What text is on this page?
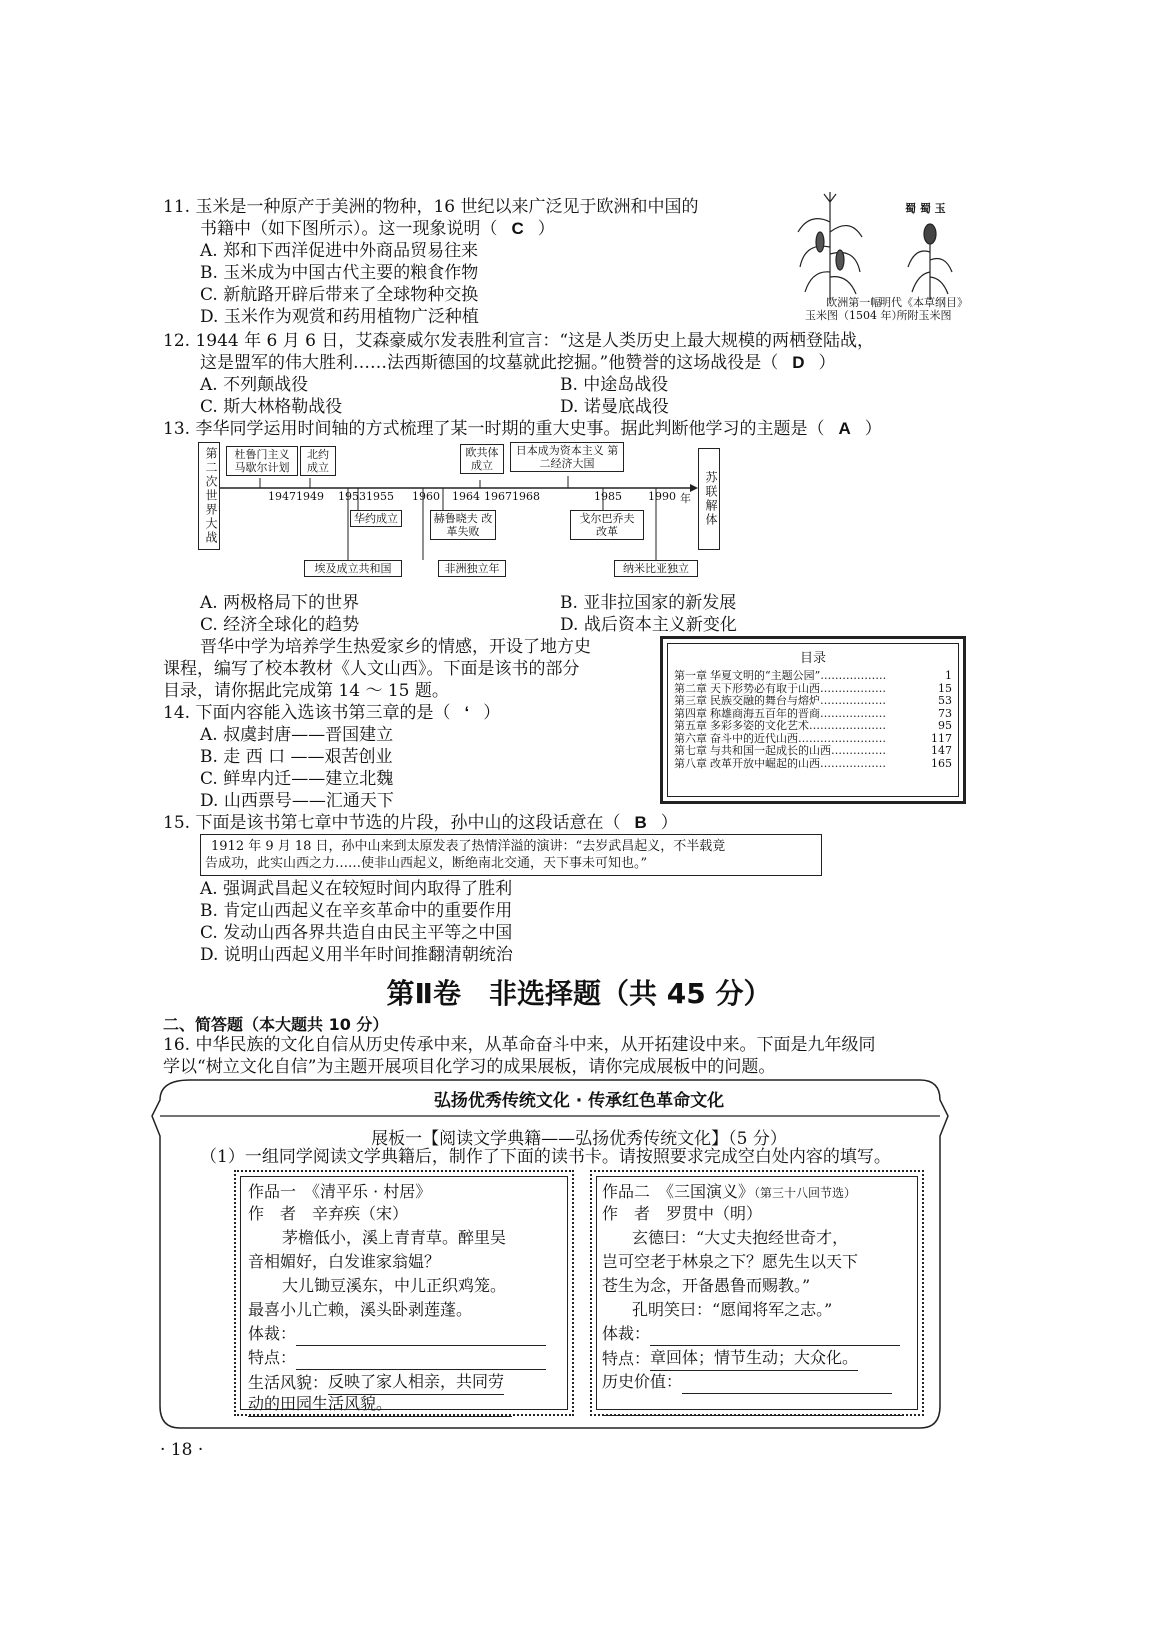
11. 玉米是一种原产于美洲的物种，16 世纪以来广泛见于欧洲和中国的
书籍中（如下图所示）。这一现象说明（ C ）
A. 郑和下西洋促进中外商品贸易往来
B. 玉米成为中国古代主要的粮食作物
C. 新航路开辟后带来了全球物种交换
D. 玉米作为观赏和药用植物广泛种植
蜀 蜀 玉
欧洲第一幅
玉米图（1504 年）
明代《本草纲目》
所附玉米图
12. 1944 年 6 月 6 日，艾森豪威尔发表胜利宣言：“这是人类历史上最大规模的两栖登陆战，
这是盟军的伟大胜利……法西斯德国的坟墓就此挖掘。”他赞誉的这场战役是（ D ）
A. 不列颠战役	B. 中途岛战役
C. 斯大林格勒战役	D. 诺曼底战役
13. 李华同学运用时间轴的方式梳理了某一时期的重大史事。据此判断他学习的主题是（ A ）
第二次世界大战	苏联解体
1947 1949 1953 1955 1960 1964 1967 1968	1985 1990 年
杜鲁门主义 马歇尔计划
北约 成立
欧共体 成立
日本成为资本主义 第二经济大国
华约成立	赫鲁晓夫 改革失败
戈尔巴乔夫 改革
埃及成立共和国	非洲独立年	纳米比亚独立
A. 两极格局下的世界	B. 亚非拉国家的新发展
C. 经济全球化的趋势	D. 战后资本主义新变化
晋华中学为培养学生热爱家乡的情感，开设了地方史
课程，编写了校本教材《人文山西》。下面是该书的部分
目录，请你据此完成第 14 ～ 15 题。
目录
第一章 华夏文明的“主题公园”………………	1
第二章 天下形势必有取于山西………………	15
第三章 民族交融的舞台与熔炉………………	53
第四章 称雄商海五百年的晋商………………	73
第五章 多彩多姿的文化艺术…………………	95
第六章 奋斗中的近代山西……………………	117
第七章 与共和国一起成长的山西……………	147
第八章 改革开放中崛起的山西………………	165
14. 下面内容能入选该书第三章的是（ ‘ ）
A. 叔虞封唐——晋国建立
B. 走 西 口 ——艰苦创业
C. 鲜卑内迁——建立北魏
D. 山西票号——汇通天下
15. 下面是该书第七章中节选的片段，孙中山的这段话意在（ B ）
1912 年 9 月 18 日，孙中山来到太原发表了热情洋溢的演讲：“去岁武昌起义，不半载竟
告成功，此实山西之力……使非山西起义，断绝南北交通，天下事未可知也。”
A. 强调武昌起义在较短时间内取得了胜利
B. 肯定山西起义在辛亥革命中的重要作用
C. 发动山西各界共造自由民主平等之中国
D. 说明山西起义用半年时间推翻清朝统治
第Ⅱ卷　非选择题（共 45 分）
二、简答题（本大题共 10 分）
16. 中华民族的文化自信从历史传承中来，从革命奋斗中来，从开拓建设中来。下面是九年级同
学以“树立文化自信”为主题开展项目化学习的成果展板，请你完成展板中的问题。
弘扬优秀传统文化 · 传承红色革命文化
展板一【阅读文学典籍——弘扬优秀传统文化】（5 分）
（1）一组同学阅读文学典籍后，制作了下面的读书卡。请按照要求完成空白处内容的填写。
作品一　《清平乐 · 村居》
作　者　辛弃疾（宋）
茅檐低小，溪上青青草。醉里吴
音相媚好，白发谁家翁媪？
大儿锄豆溪东，中儿正织鸡笼。
最喜小儿亡赖，溪头卧剥莲蓬。
体裁：
特点：
生活风貌：反映了家人相亲，共同劳
动的田园生活风貌。
作品二　《三国演义》（第三十八回节选）
作　者　罗贯中（明）
玄德曰：“大丈夫抱经世奇才，
岂可空老于林泉之下？愿先生以天下
苍生为念，开备愚鲁而赐教。”
孔明笑曰：“愿闻将军之志。”
体裁：
特点：章回体；情节生动；大众化。
历史价值：
· 18 ·
